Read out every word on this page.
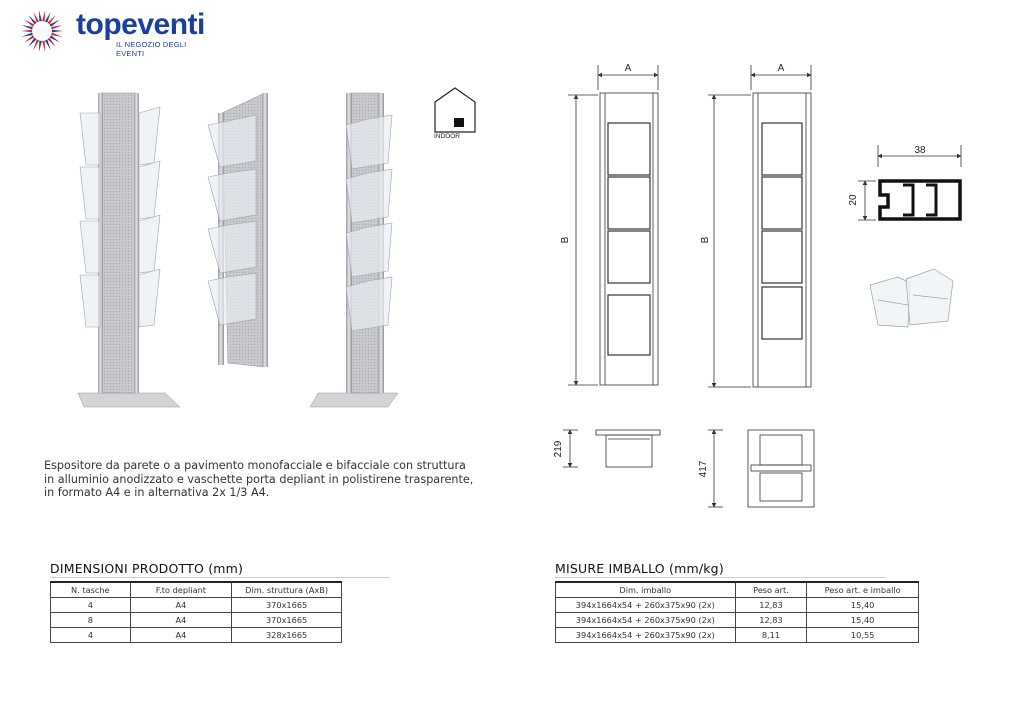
topeventi
IL NEGOZIO DEGLI EVENTI
INDOOR
Espositore da parete o a pavimento monofacciale e bifacciale con struttura
in alluminio anodizzato e vaschette porta depliant in polistirene trasparente,
in formato A4 e in alternativa 2x 1/3 A4.
A	A
B	B
38
20
219
417
DIMENSIONI PRODOTTO (mm)
N. tasche	F.to depliant	Dim. struttura (AxB)
4	A4	370x1665
8	A4	370x1665
4	A4	328x1665
MISURE IMBALLO (mm/kg)
Dim. imballo	Peso art.	Peso art. e imballo
394x1664x54 + 260x375x90 (2x)	12,83	15,40
394x1664x54 + 260x375x90 (2x)	12,83	15,40
394x1664x54 + 260x375x90 (2x)	8,11	10,55
